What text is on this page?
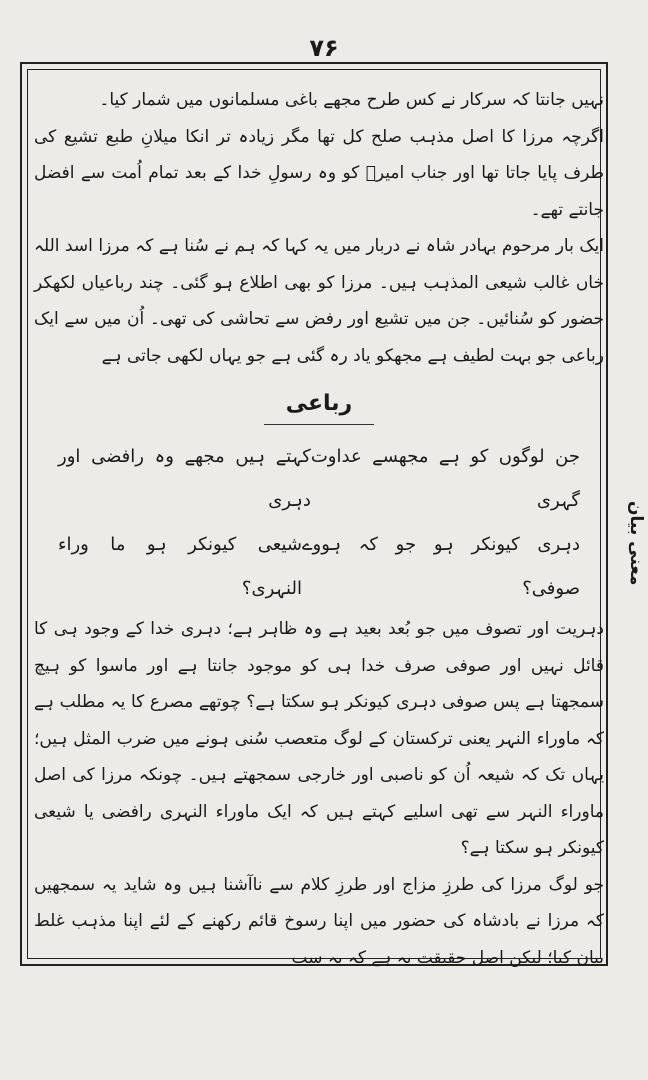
۷۶

نہیں جانتا کہ سرکار نے کس طرح مجھے باغی مسلمانوں میں شمار کیا۔

اگرچہ مرزا کا اصل مذہب صلح کل تھا مگر زیادہ تر انکا میلانِ طبع تشیع کی طرف پایا جاتا تھا اور جناب امیرؑ کو وہ رسولِ خدا کے بعد تمام اُمت سے افضل جانتے تھے۔

ایک بار مرحوم بہادر شاہ نے دربار میں یہ کہا کہ ہم نے سُنا ہے کہ مرزا اسد اللہ خاں غالب شیعی المذہب ہیں۔ مرزا کو بھی اطلاع ہو گئی۔ چند رباعیاں لکھکر حضور کو سُنائیں۔ جن میں تشیع اور رفض سے تحاشی کی تھی۔ اُن میں سے ایک رباعی جو بہت لطیف ہے مجھکو یاد رہ گئی ہے جو یہاں لکھی جاتی ہے

رباعی
جن لوگوں کو ہے مجھسے عداوت گہری
کہتے ہیں مجھے وہ رافضی اور دہری
دہری کیونکر ہو جو کہ ہووے صوفی؟
شیعی کیونکر ہو ما وراء النہری؟

دہریت اور تصوف میں جو بُعد بعید ہے وہ ظاہر ہے؛ دہری خدا کے وجود ہی کا قائل نہیں اور صوفی صرف خدا ہی کو موجود جانتا ہے اور ماسوا کو ہیچ سمجھتا ہے پس صوفی دہری کیونکر ہو سکتا ہے؟ چوتھے مصرع کا یہ مطلب ہے کہ ماوراء النہر یعنی ترکستان کے لوگ متعصب سُنی ہونے میں ضرب المثل ہیں؛ یہاں تک کہ شیعہ اُن کو ناصبی اور خارجی سمجھتے ہیں۔ چونکہ مرزا کی اصل ماوراء النہر سے تھی اسلیے کہتے ہیں کہ ایک ماوراء النہری رافضی یا شیعی کیونکر ہو سکتا ہے؟

جو لوگ مرزا کی طرزِ مزاج اور طرزِ کلام سے ناآشنا ہیں وہ شاید یہ سمجھیں کہ مرزا نے بادشاہ کی حضور میں اپنا رسوخ قائم رکھنے کے لئے اپنا مذہب غلط بیان کیا؛ لیکن اصل حقیقت یہ ہے کہ یہ سب

معنی بیان
